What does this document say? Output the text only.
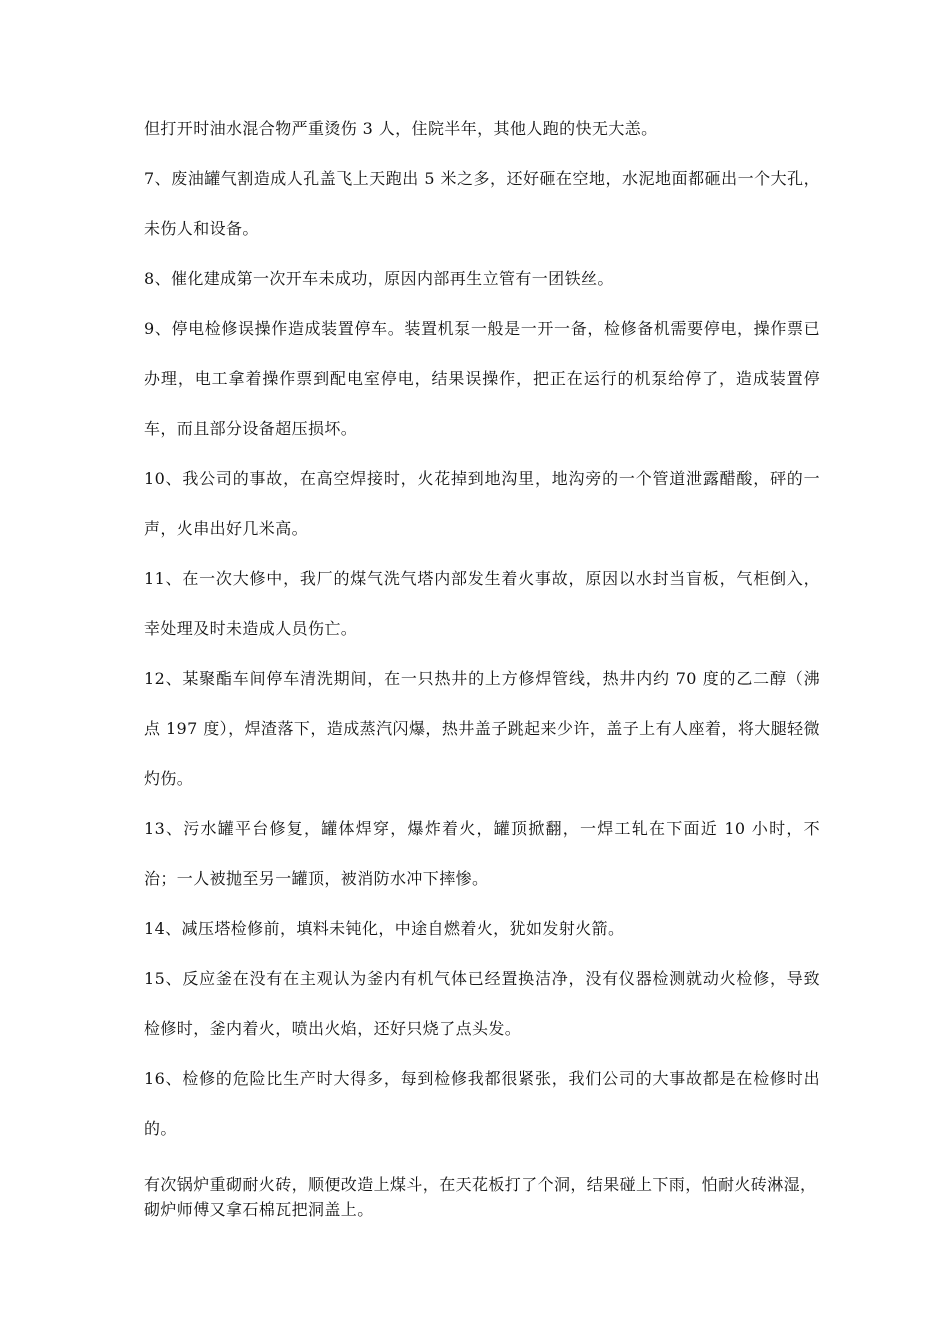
但打开时油水混合物严重烫伤 3 人，住院半年，其他人跑的快无大恙。

7、废油罐气割造成人孔盖飞上天跑出 5 米之多，还好砸在空地，水泥地面都砸出一个大孔，未伤人和设备。

8、催化建成第一次开车未成功，原因内部再生立管有一团铁丝。

9、停电检修误操作造成装置停车。装置机泵一般是一开一备，检修备机需要停电，操作票已办理，电工拿着操作票到配电室停电，结果误操作，把正在运行的机泵给停了，造成装置停车，而且部分设备超压损坏。

10、我公司的事故，在高空焊接时，火花掉到地沟里，地沟旁的一个管道泄露醋酸，砰的一声，火串出好几米高。

11、在一次大修中，我厂的煤气洗气塔内部发生着火事故，原因以水封当盲板，气柜倒入，幸处理及时未造成人员伤亡。

12、某聚酯车间停车清洗期间，在一只热井的上方修焊管线，热井内约 70 度的乙二醇（沸点 197 度），焊渣落下，造成蒸汽闪爆，热井盖子跳起来少许，盖子上有人座着，将大腿轻微灼伤。

13、污水罐平台修复，罐体焊穿，爆炸着火，罐顶掀翻，一焊工轧在下面近 10 小时，不治；一人被抛至另一罐顶，被消防水冲下摔惨。

14、减压塔检修前，填料未钝化，中途自燃着火，犹如发射火箭。

15、反应釜在没有在主观认为釜内有机气体已经置换洁净，没有仪器检测就动火检修，导致检修时，釜内着火，喷出火焰，还好只烧了点头发。

16、检修的危险比生产时大得多，每到检修我都很紧张，我们公司的大事故都是在检修时出的。

有次锅炉重砌耐火砖，顺便改造上煤斗，在天花板打了个洞，结果碰上下雨，怕耐火砖淋湿，砌炉师傅又拿石棉瓦把洞盖上。
